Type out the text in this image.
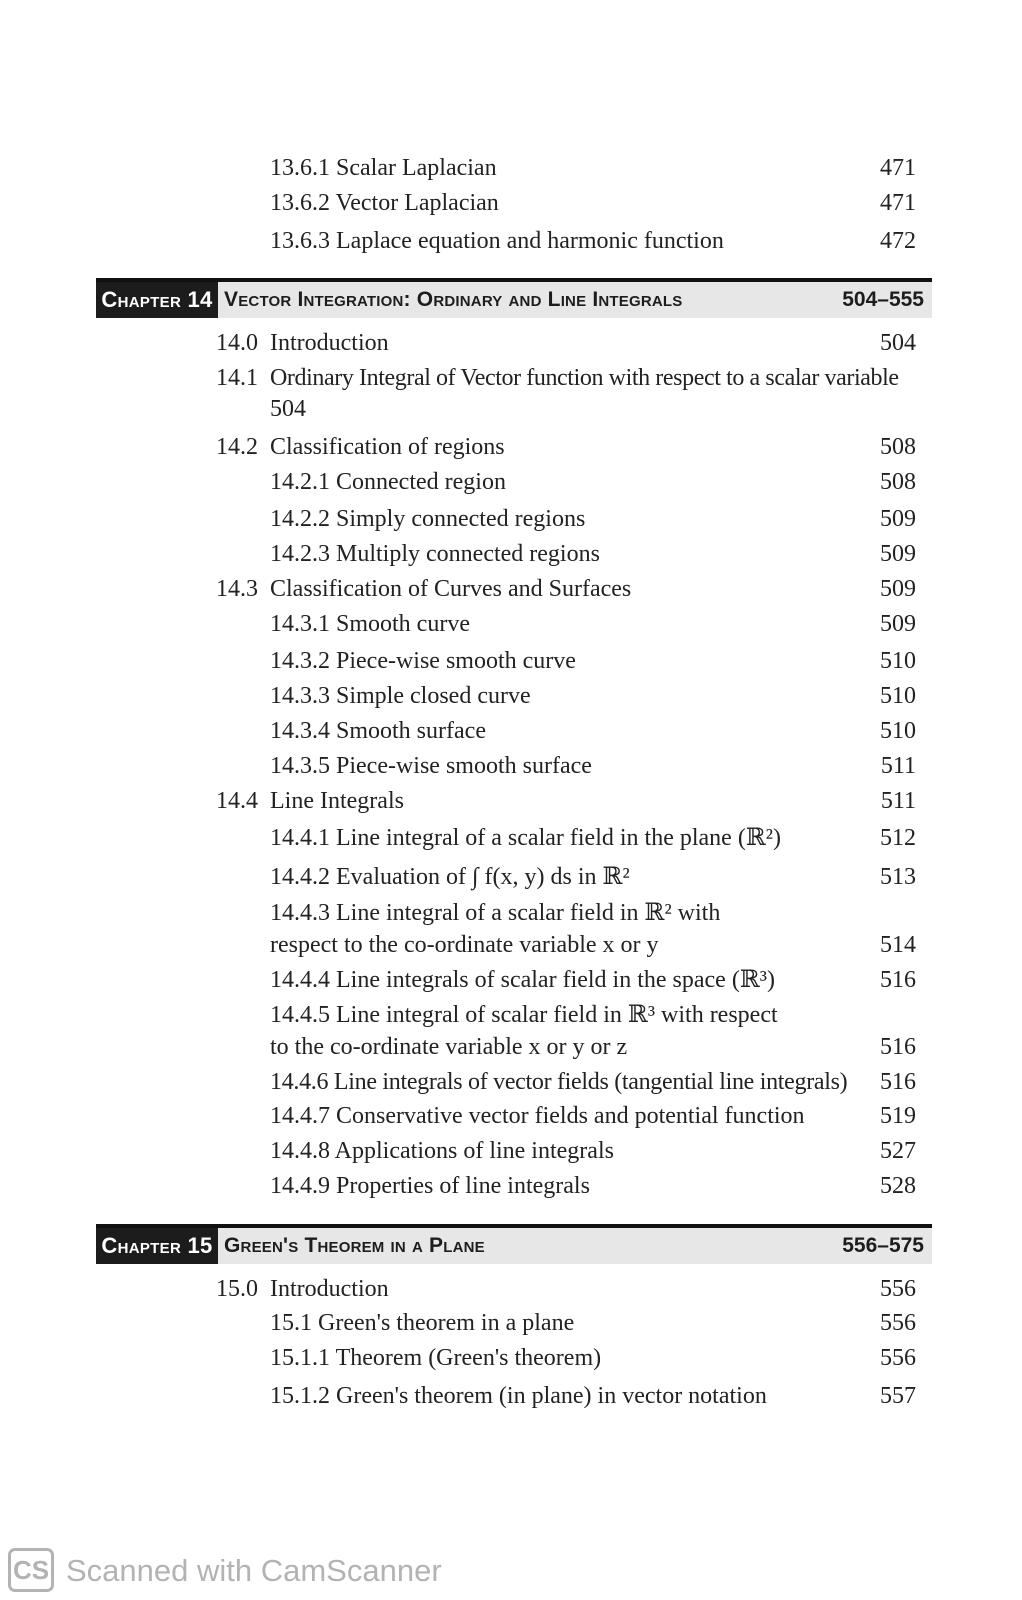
13.6.1 Scalar Laplacian	471
13.6.2 Vector Laplacian	471
13.6.3 Laplace equation and harmonic function	472
Chapter 14 Vector Integration: Ordinary and Line Integrals	504–555
14.0 Introduction	504
14.1 Ordinary Integral of Vector function with respect to a scalar variable
504
14.2 Classification of regions	508
14.2.1 Connected region	508
14.2.2 Simply connected regions	509
14.2.3 Multiply connected regions	509
14.3 Classification of Curves and Surfaces	509
14.3.1 Smooth curve	509
14.3.2 Piece-wise smooth curve	510
14.3.3 Simple closed curve	510
14.3.4 Smooth surface	510
14.3.5 Piece-wise smooth surface	511
14.4 Line Integrals	511
14.4.1 Line integral of a scalar field in the plane (ℝ²)	512
14.4.2 Evaluation of ∫ f(x, y) ds in ℝ²	513
14.4.3 Line integral of a scalar field in ℝ² with
respect to the co-ordinate variable x or y	514
14.4.4 Line integrals of scalar field in the space (ℝ³)	516
14.4.5 Line integral of scalar field in ℝ³ with respect
to the co-ordinate variable x or y or z	516
14.4.6 Line integrals of vector fields (tangential line integrals) 516
14.4.7 Conservative vector fields and potential function	519
14.4.8 Applications of line integrals	527
14.4.9 Properties of line integrals	528
Chapter 15 Green's Theorem in a Plane	556–575
15.0 Introduction	556
15.1 Green's theorem in a plane	556
15.1.1 Theorem (Green's theorem)	556
15.1.2 Green's theorem (in plane) in vector notation	557
CS Scanned with CamScanner
